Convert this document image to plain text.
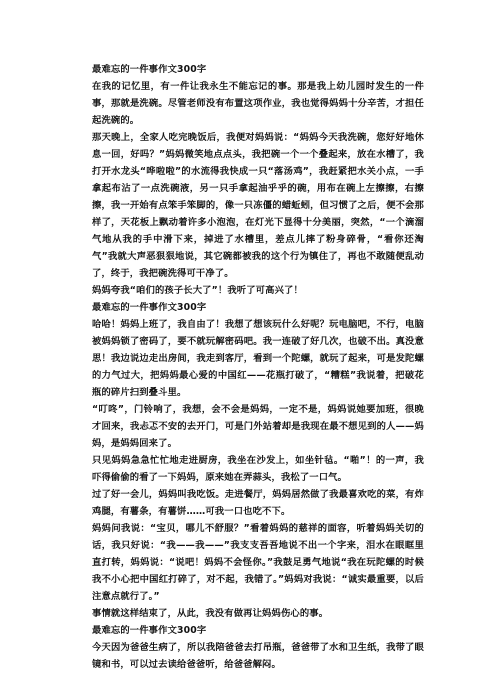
最难忘的一件事作文300字

在我的记忆里，有一件让我永生不能忘记的事。那是我上幼儿园时发生的一件事，那就是洗碗。尽管老师没有布置这项作业，我也觉得妈妈十分辛苦，才担任起洗碗的。

那天晚上，全家人吃完晚饭后，我便对妈妈说：“妈妈今天我洗碗，您好好地休息一回，好吗？”妈妈微笑地点点头，我把碗一个一个叠起来，放在水槽了，我打开水龙头“哗啦啦”的水流得我快成一只“落汤鸡”，我赶紧把水关小点，一手拿起布沾了一点洗碗液，另一只手拿起油乎乎的碗，用布在碗上左擦擦，右擦擦，我一开始有点笨手笨脚的，像一只冻僵的蜡蚯蚓，但习惯了之后，便不会那样了，天花板上飘动着许多小泡泡，在灯光下显得十分美丽，突然，“一个滴溜气地从我的手中滑下来，掉进了水槽里，差点儿摔了粉身碎骨，“看你还淘气”我就大声恶狠狠地说，其它碗都被我的这个行为镇住了，再也不敢随便乱动了，终于，我把碗洗得可干净了。

妈妈夸我“咱们的孩子长大了”！我听了可高兴了！

最难忘的一件事作文300字

哈哈！妈妈上班了，我自由了！我想了想该玩什么好呢？玩电脑吧，不行，电脑被妈妈锁了密码了，要不就玩解密码吧。我一连破了好几次，也破不出。真没意思！我边说边走出房间，我走到客厅，看到一个陀螺，就玩了起来，可是发陀螺的力气过大，把妈妈最心爱的中国红——花瓶打破了，“糟糕”我说着，把破花瓶的碎片扫到叠斗里。

“叮咚”，门铃响了，我想，会不会是妈妈，一定不是，妈妈说她要加班，很晚才回来，我忐忑不安的去开门，可是门外站着却是我现在最不想见到的人——妈妈，是妈妈回来了。

只见妈妈急急忙忙地走进厨房，我坐在沙发上，如坐针毡。“啪”！的一声，我吓得偷偷的看了一下妈妈，原来她在弄蒜头，我松了一口气。

过了好一会儿，妈妈叫我吃饭。走进餐厅，妈妈居然做了我最喜欢吃的菜，有炸鸡腿，有薯条，有薯饼……可我一口也吃不下。

妈妈问我说：“宝贝，哪儿不舒服？”看着妈妈的慈祥的面容，听着妈妈关切的话，我只好说：“我——我——”我支支吾吾地说不出一个字来，泪水在眼眶里直打转，妈妈说：“说吧！妈妈不会怪你。”我鼓足勇气地说“我在玩陀螺的时候我不小心把中国红打碎了，对不起，我错了。”妈妈对我说：“诚实最重要，以后注意点就行了。”

事情就这样结束了，从此，我没有做再让妈妈伤心的事。

最难忘的一件事作文300字

今天因为爸爸生病了，所以我陪爸爸去打吊瓶，爸爸带了水和卫生纸，我带了眼镜和书，可以过去读给爸爸听，给爸爸解闷。
